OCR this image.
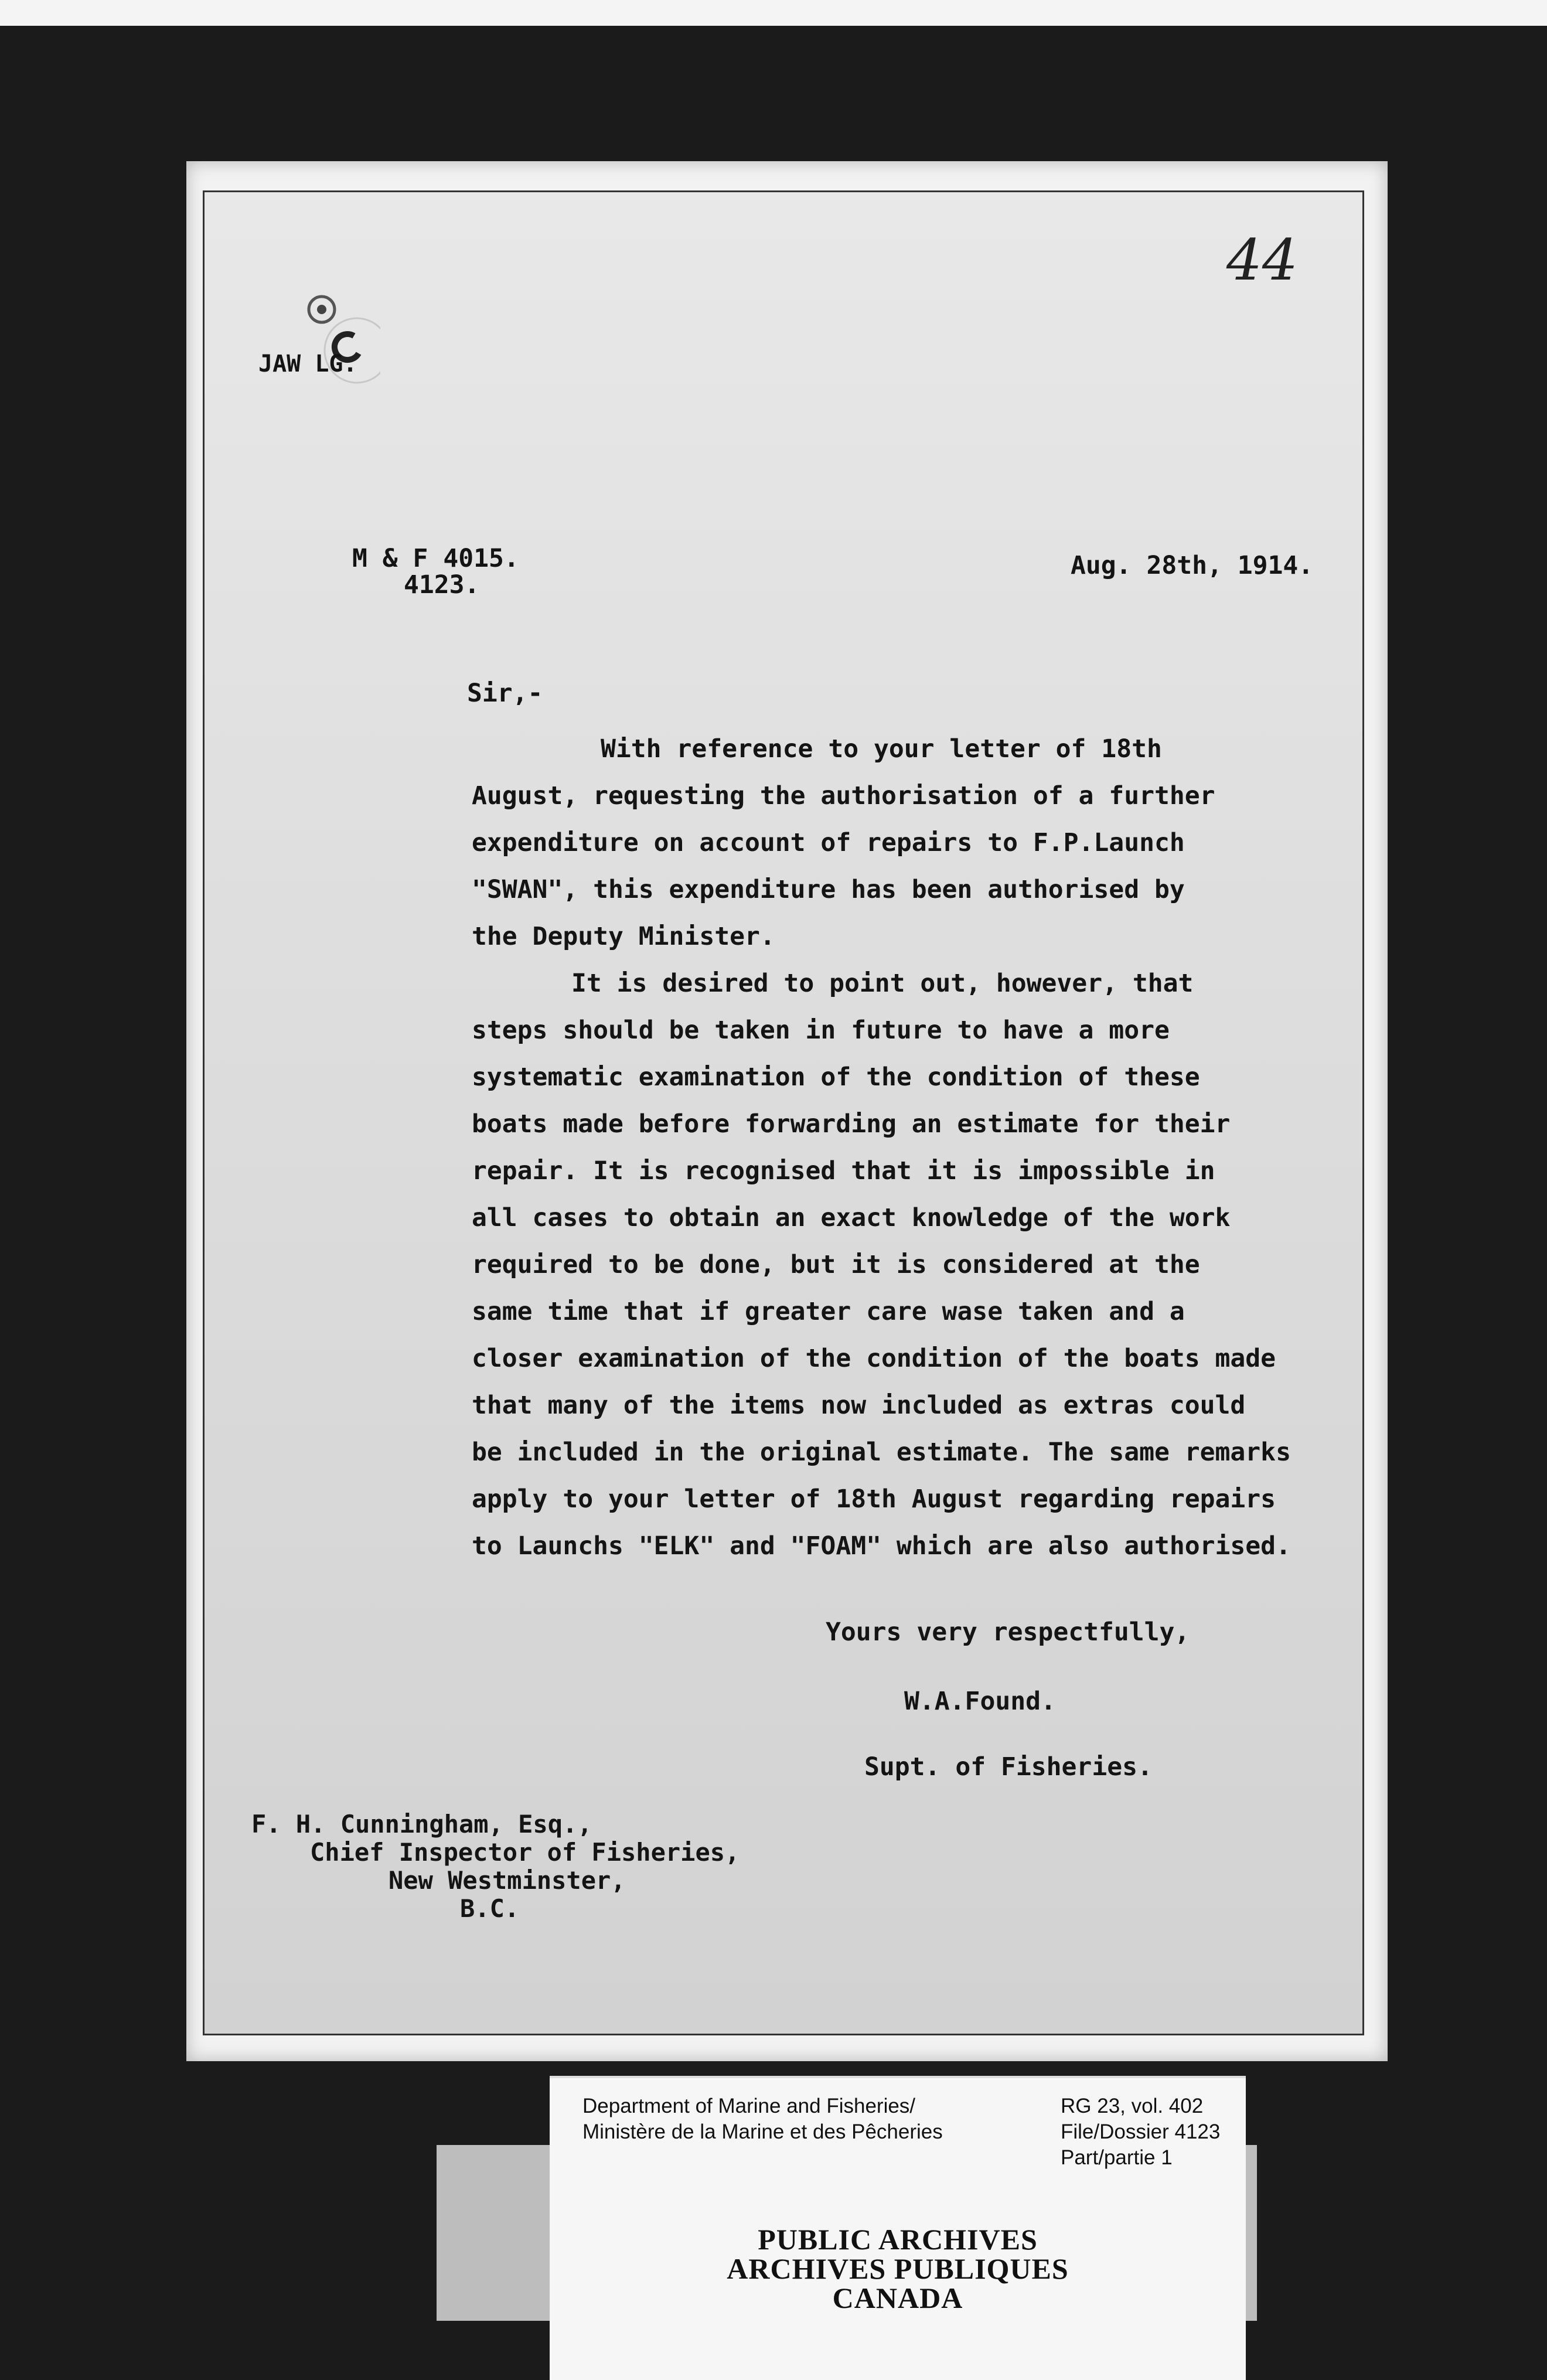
44
JAW LG.
M & F 4015.
4123.
Aug. 28th, 1914.
Sir,-
With reference to your letter of 18th
August, requesting the authorisation of a further
expenditure on account of repairs to F.P.Launch
"SWAN", this expenditure has been authorised by
the Deputy Minister.
It is desired to point out, however, that
steps should be taken in future to have a more
systematic examination of the condition of these
boats made before forwarding an estimate for their
repair. It is recognised that it is impossible in
all cases to obtain an exact knowledge of the work
required to be done, but it is considered at the
same time that if greater care wase taken and a
closer examination of the condition of the boats made
that many of the items now included as extras could
be included in the original estimate. The same remarks
apply to your letter of 18th August regarding repairs
to Launchs "ELK" and "FOAM" which are also authorised.
Yours very respectfully,
W.A.Found.
Supt. of Fisheries.
F. H. Cunningham, Esq.,
Chief Inspector of Fisheries,
New Westminster,
B.C.
Department of Marine and Fisheries/
Ministère de la Marine et des Pêcheries
RG 23, vol. 402
File/Dossier 4123
Part/partie 1
PUBLIC ARCHIVES
ARCHIVES PUBLIQUES
CANADA
